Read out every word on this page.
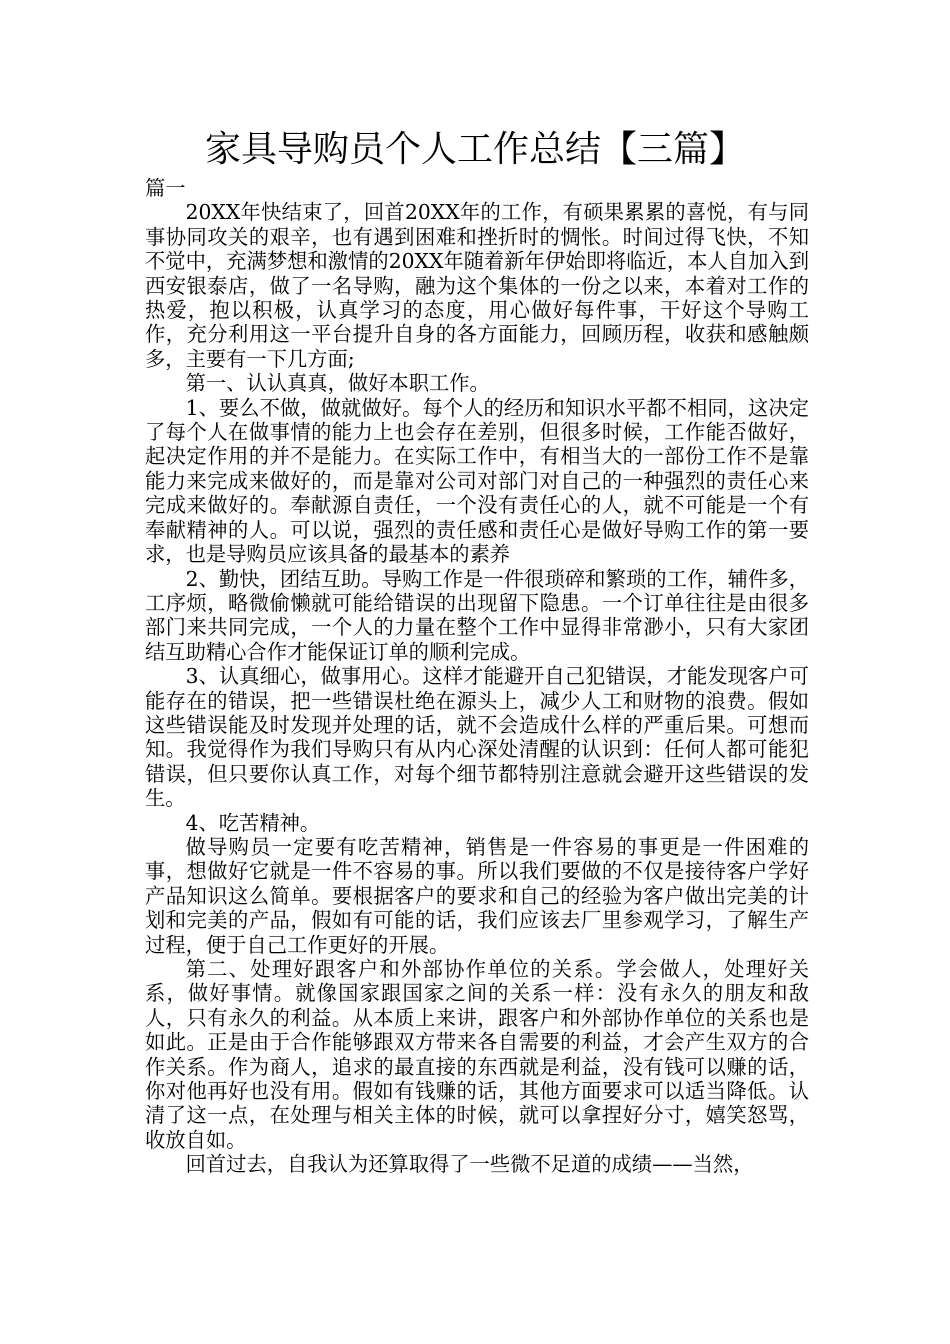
家具导购员个人工作总结【三篇】

篇一

20XX年快结束了，回首20XX年的工作，有硕果累累的喜悦，有与同事协同攻关的艰辛，也有遇到困难和挫折时的惆怅。时间过得飞快，不知不觉中，充满梦想和激情的20XX年随着新年伊始即将临近，本人自加入到西安银泰店，做了一名导购，融为这个集体的一份之以来，本着对工作的热爱，抱以积极，认真学习的态度，用心做好每件事，干好这个导购工作，充分利用这一平台提升自身的各方面能力，回顾历程，收获和感触颇多，主要有一下几方面;

第一、认认真真，做好本职工作。

1、要么不做，做就做好。每个人的经历和知识水平都不相同，这决定了每个人在做事情的能力上也会存在差别，但很多时候，工作能否做好，起决定作用的并不是能力。在实际工作中，有相当大的一部份工作不是靠能力来完成来做好的，而是靠对公司对部门对自己的一种强烈的责任心来完成来做好的。奉献源自责任，一个没有责任心的人，就不可能是一个有奉献精神的人。可以说，强烈的责任感和责任心是做好导购工作的第一要求，也是导购员应该具备的最基本的素养

2、勤快，团结互助。导购工作是一件很琐碎和繁琐的工作，辅件多，工序烦，略微偷懒就可能给错误的出现留下隐患。一个订单往往是由很多部门来共同完成，一个人的力量在整个工作中显得非常渺小，只有大家团结互助精心合作才能保证订单的顺利完成。

3、认真细心，做事用心。这样才能避开自己犯错误，才能发现客户可能存在的错误，把一些错误杜绝在源头上，减少人工和财物的浪费。假如这些错误能及时发现并处理的话，就不会造成什么样的严重后果。可想而知。我觉得作为我们导购只有从内心深处清醒的认识到：任何人都可能犯错误，但只要你认真工作，对每个细节都特别注意就会避开这些错误的发生。

4、吃苦精神。

做导购员一定要有吃苦精神，销售是一件容易的事更是一件困难的事，想做好它就是一件不容易的事。所以我们要做的不仅是接待客户学好产品知识这么简单。要根据客户的要求和自己的经验为客户做出完美的计划和完美的产品，假如有可能的话，我们应该去厂里参观学习，了解生产过程，便于自己工作更好的开展。

第二、处理好跟客户和外部协作单位的关系。学会做人，处理好关系，做好事情。就像国家跟国家之间的关系一样：没有永久的朋友和敌人，只有永久的利益。从本质上来讲，跟客户和外部协作单位的关系也是如此。正是由于合作能够跟双方带来各自需要的利益，才会产生双方的合作关系。作为商人，追求的最直接的东西就是利益，没有钱可以赚的话，你对他再好也没有用。假如有钱赚的话，其他方面要求可以适当降低。认清了这一点，在处理与相关主体的时候，就可以拿捏好分寸，嬉笑怒骂，收放自如。

回首过去，自我认为还算取得了一些微不足道的成绩——当然，
